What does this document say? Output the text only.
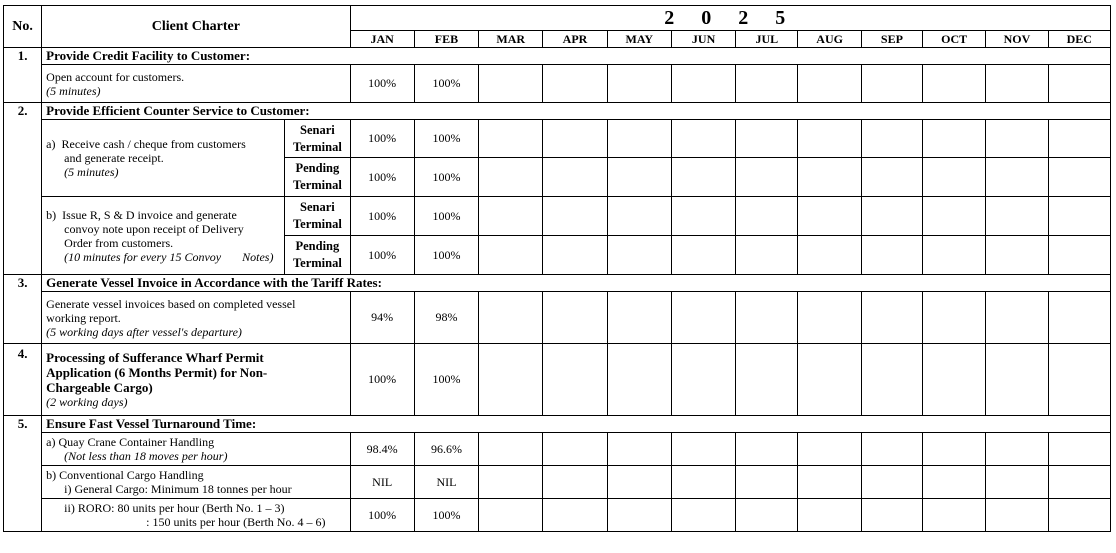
No.	Client Charter		2 0 2 5											
			JAN	FEB	MAR	APR	MAY	JUN	JUL	AUG	SEP	OCT	NOV	DEC
1.	Provide Credit Facility to Customer:													

	Open account for customers.
(5 minutes)		100%	100%										
2.	Provide Efficient Counter Service to Customer:													

	a) Receive cash / cheque from customers
and generate receipt.
(5 minutes)	Senari
Terminal	100%	100%										
		Pending
Terminal	100%	100%										

	b) Issue R, S & D invoice and generate
convoy note upon receipt of Delivery
Order from customers.
(10 minutes for every 15 Convoy Notes)	Senari
Terminal	100%	100%										
		Pending
Terminal	100%	100%										
3.	Generate Vessel Invoice in Accordance with the Tariff Rates:													

	Generate vessel invoices based on completed vessel
working report.
(5 working days after vessel's departure)		94%	98%										
4.	Processing of Sufferance Wharf Permit
Application (6 Months Permit) for Non-
Chargeable Cargo)
(2 working days)		100%	100%										
5.	Ensure Fast Vessel Turnaround Time:													

	a) Quay Crane Container Handling
(Not less than 18 moves per hour)		98.4%	96.6%										

	b) Conventional Cargo Handling
i) General Cargo: Minimum 18 tonnes per hour		NIL	NIL										

	ii) RORO: 80 units per hour (Berth No. 1 – 3)
: 150 units per hour (Berth No. 4 – 6)		100%	100%										
